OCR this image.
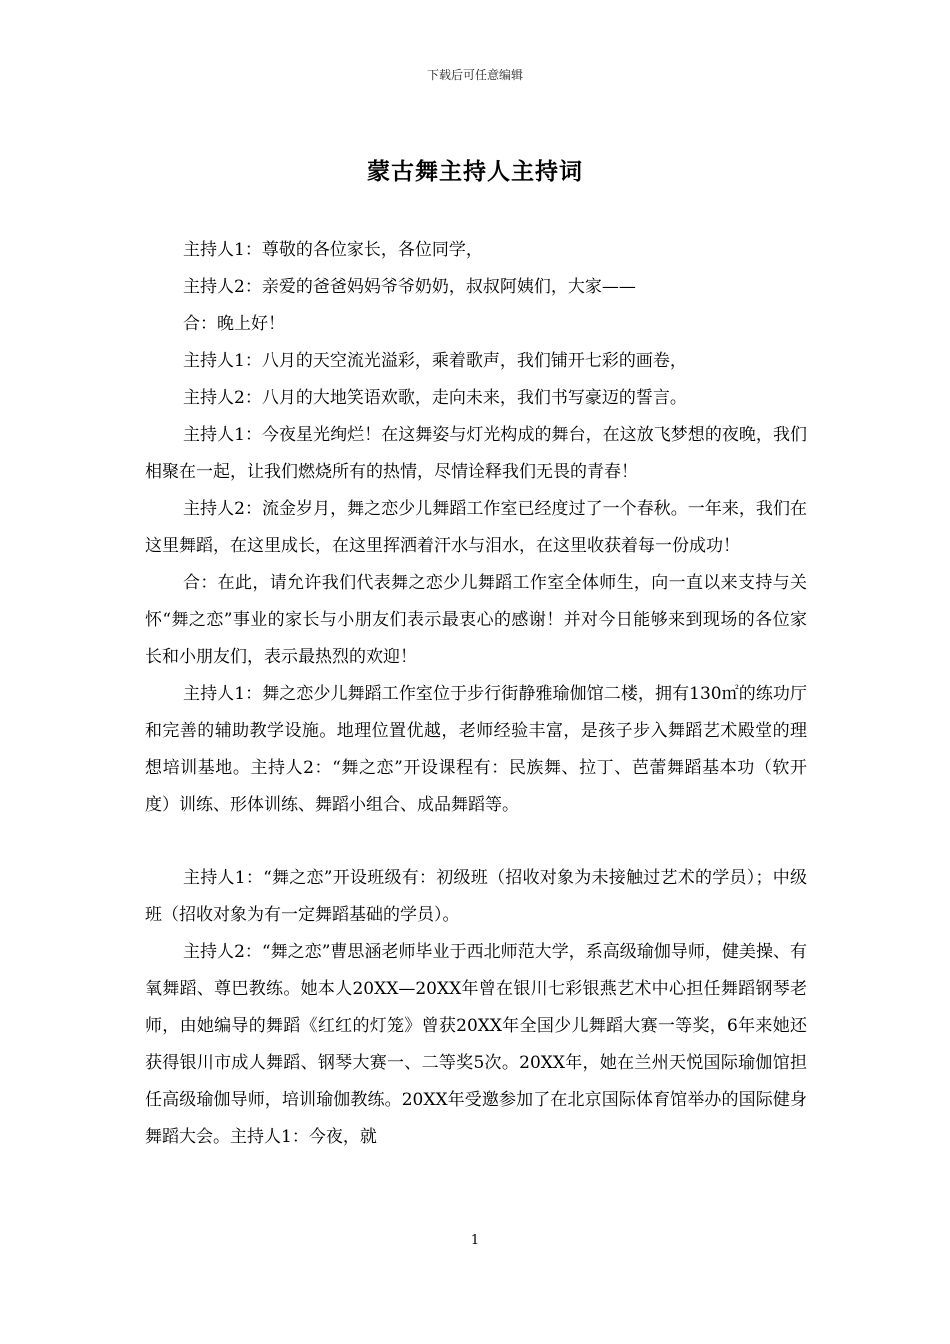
下载后可任意编辑
蒙古舞主持人主持词

主持人1：尊敬的各位家长，各位同学，

主持人2：亲爱的爸爸妈妈爷爷奶奶，叔叔阿姨们，大家——

合：晚上好！

主持人1：八月的天空流光溢彩，乘着歌声，我们铺开七彩的画卷，

主持人2：八月的大地笑语欢歌，走向未来，我们书写豪迈的誓言。

主持人1：今夜星光绚烂！在这舞姿与灯光构成的舞台，在这放飞梦想的夜晚，我们相聚在一起，让我们燃烧所有的热情，尽情诠释我们无畏的青春！

主持人2：流金岁月，舞之恋少儿舞蹈工作室已经度过了一个春秋。一年来，我们在这里舞蹈，在这里成长，在这里挥洒着汗水与泪水，在这里收获着每一份成功！

合：在此，请允许我们代表舞之恋少儿舞蹈工作室全体师生，向一直以来支持与关怀“舞之恋”事业的家长与小朋友们表示最衷心的感谢！并对今日能够来到现场的各位家长和小朋友们，表示最热烈的欢迎！

主持人1：舞之恋少儿舞蹈工作室位于步行街静雅瑜伽馆二楼，拥有130㎡的练功厅和完善的辅助教学设施。地理位置优越，老师经验丰富，是孩子步入舞蹈艺术殿堂的理想培训基地。主持人2：“舞之恋”开设课程有：民族舞、拉丁、芭蕾舞蹈基本功（软开度）训练、形体训练、舞蹈小组合、成品舞蹈等。

主持人1：“舞之恋”开设班级有：初级班（招收对象为未接触过艺术的学员）；中级班（招收对象为有一定舞蹈基础的学员）。

主持人2：“舞之恋”曹思涵老师毕业于西北师范大学，系高级瑜伽导师，健美操、有氧舞蹈、尊巴教练。她本人20XX—20XX年曾在银川七彩银燕艺术中心担任舞蹈钢琴老师，由她编导的舞蹈《红红的灯笼》曾获20XX年全国少儿舞蹈大赛一等奖，6年来她还获得银川市成人舞蹈、钢琴大赛一、二等奖5次。20XX年，她在兰州天悦国际瑜伽馆担任高级瑜伽导师，培训瑜伽教练。20XX年受邀参加了在北京国际体育馆举办的国际健身舞蹈大会。主持人1：今夜，就

1
